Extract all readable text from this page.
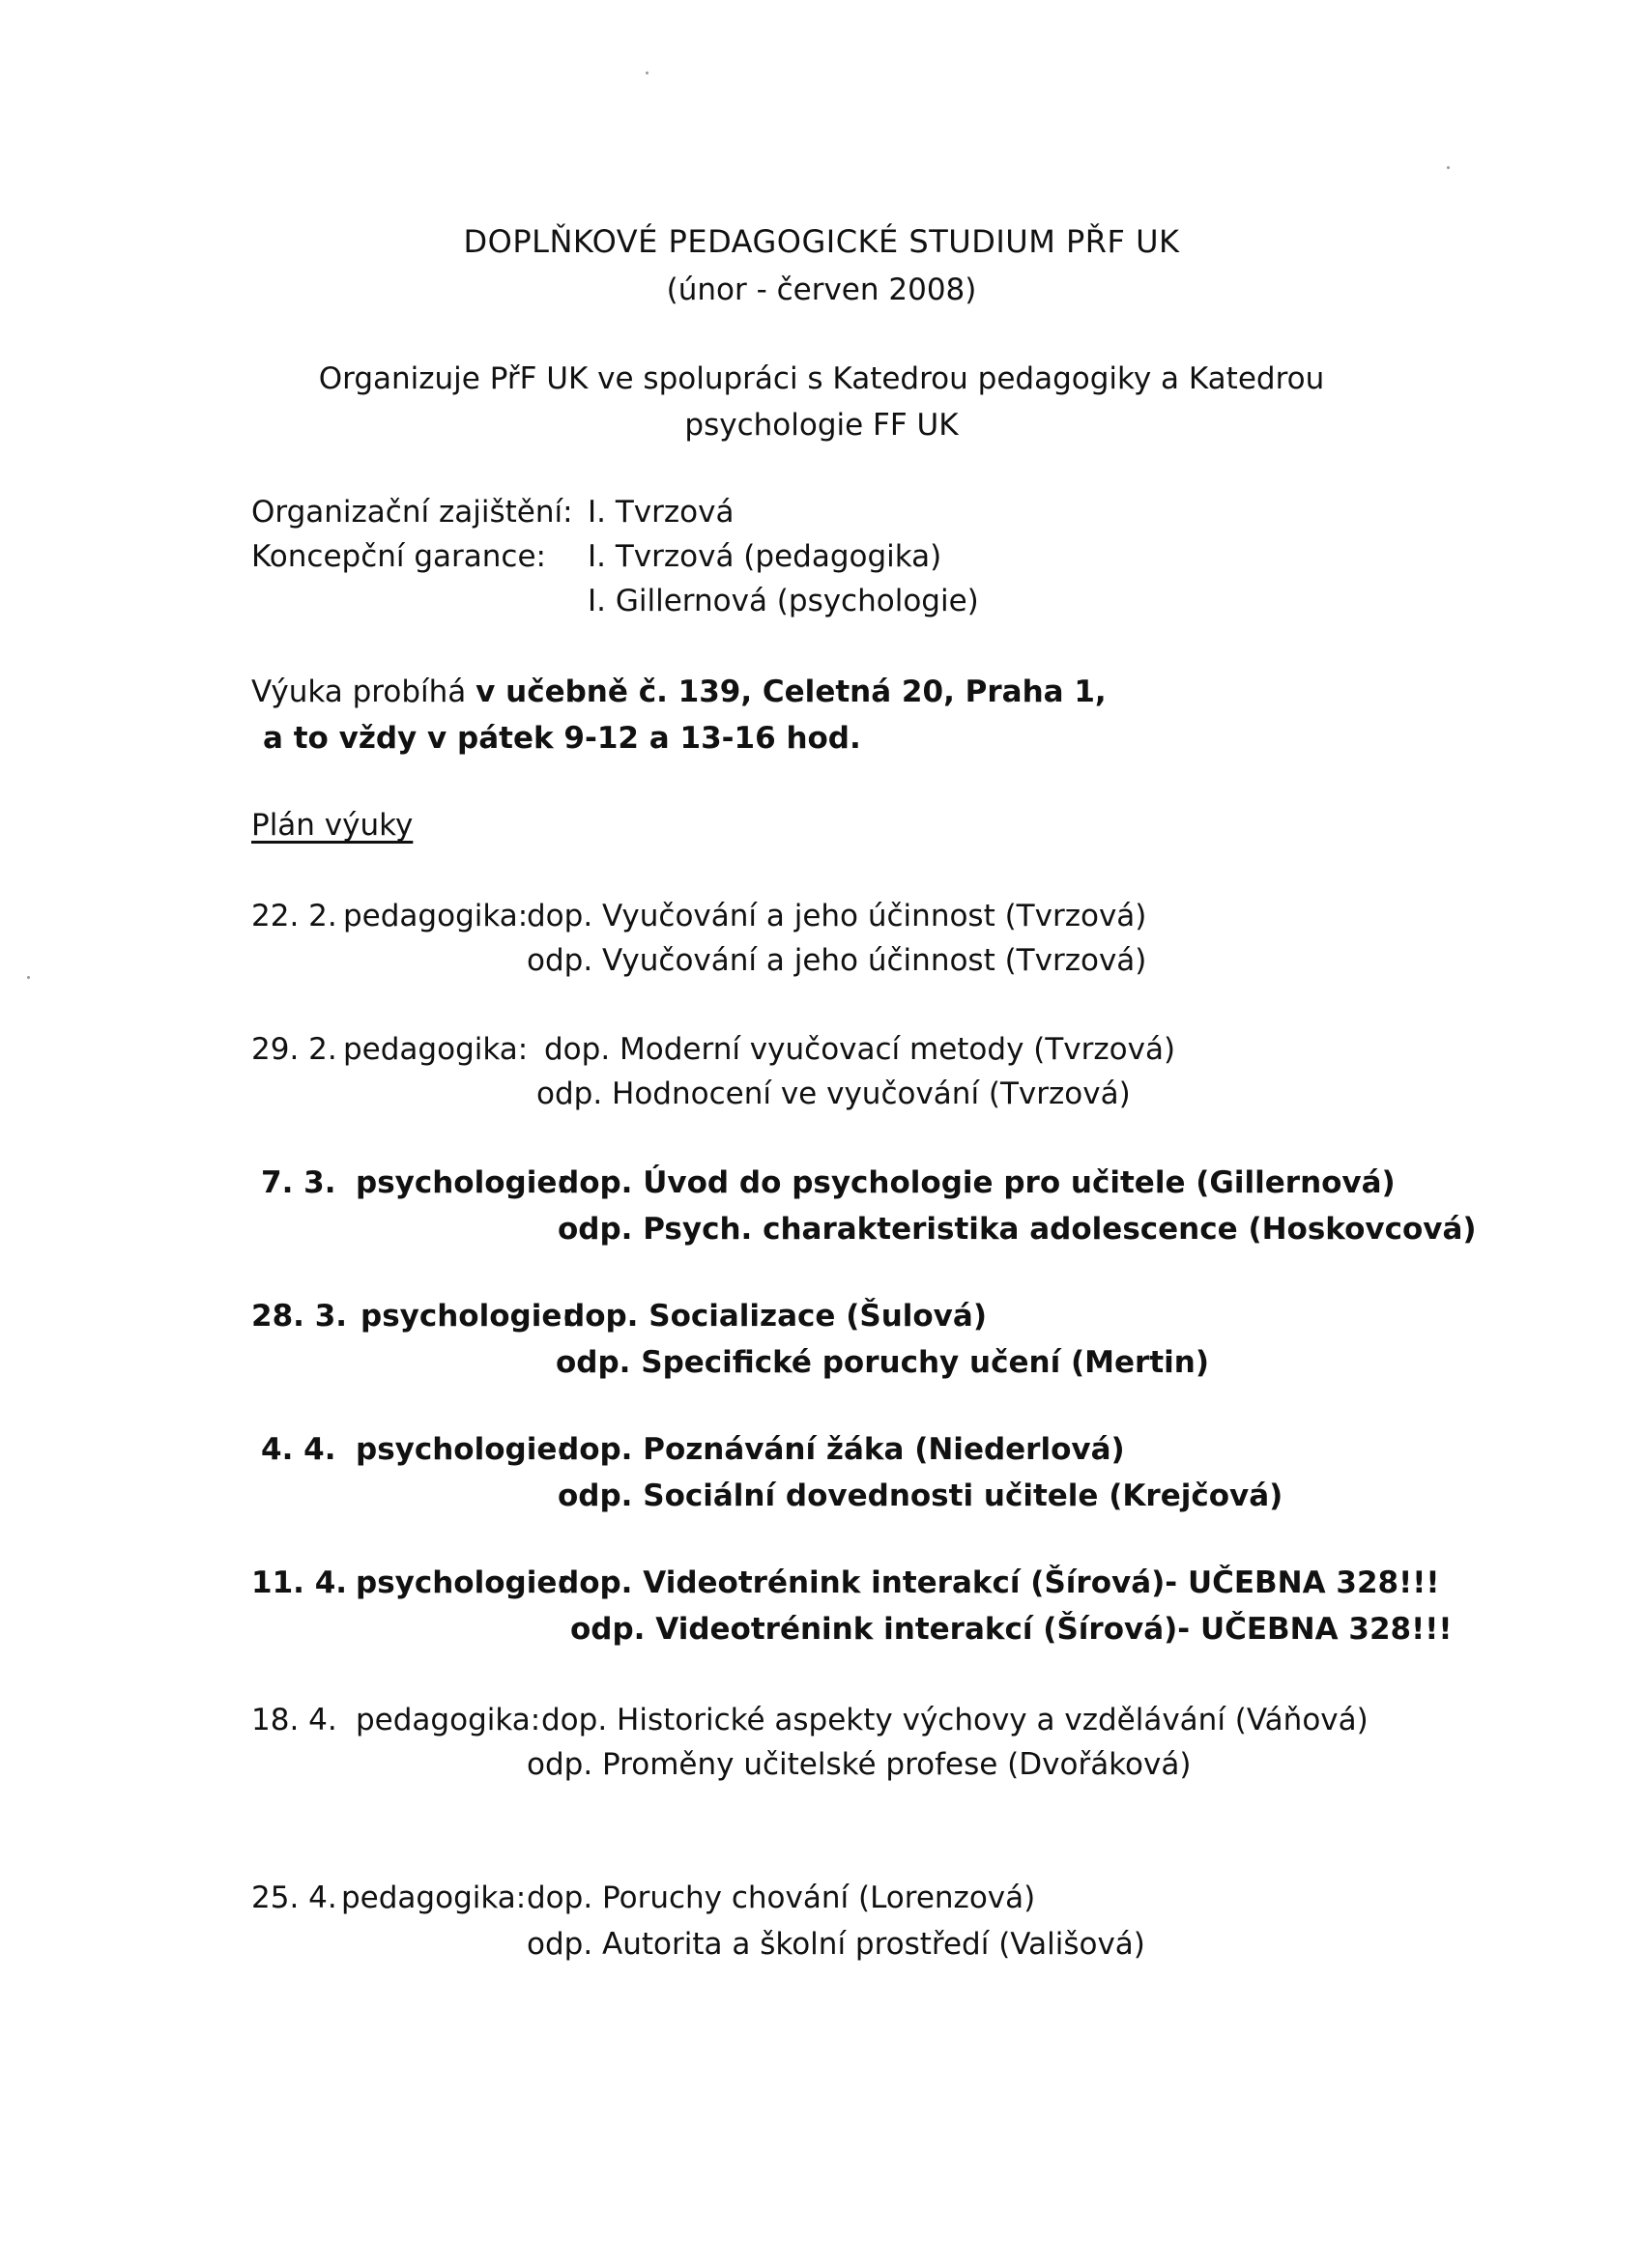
DOPLŇKOVÉ PEDAGOGICKÉ STUDIUM PŘF UK
(únor - červen 2008)
Organizuje PřF UK ve spolupráci s Katedrou pedagogiky a Katedrou
psychologie FF UK
Organizační zajištění: I. Tvrzová
Koncepční garance: I. Tvrzová (pedagogika)
I. Gillernová (psychologie)
Výuka probíhá v učebně č. 139, Celetná 20, Praha 1,
a to vždy v pátek 9-12 a 13-16 hod.
Plán výuky
22. 2. pedagogika:
dop. Vyučování a jeho účinnost (Tvrzová)
odp. Vyučování a jeho účinnost (Tvrzová)
29. 2. pedagogika: dop. Moderní vyučovací metody (Tvrzová)
odp. Hodnocení ve vyučování (Tvrzová)
7. 3. psychologie:
dop. Úvod do psychologie pro učitele (Gillernová)
odp. Psych. charakteristika adolescence (Hoskovcová)
28. 3. psychologie:
dop. Socializace (Šulová)
odp. Specifické poruchy učení (Mertin)
4. 4. psychologie:
dop. Poznávání žáka (Niederlová)
odp. Sociální dovednosti učitele (Krejčová)
11. 4. psychologie:
dop. Videotrénink interakcí (Šírová)- UČEBNA 328!!!
odp. Videotrénink interakcí (Šírová)- UČEBNA 328!!!
18. 4. pedagogika: dop. Historické aspekty výchovy a vzdělávání (Váňová)
odp. Proměny učitelské profese (Dvořáková)
25. 4. pedagogika: dop. Poruchy chování (Lorenzová)
odp. Autorita a školní prostředí (Vališová)
